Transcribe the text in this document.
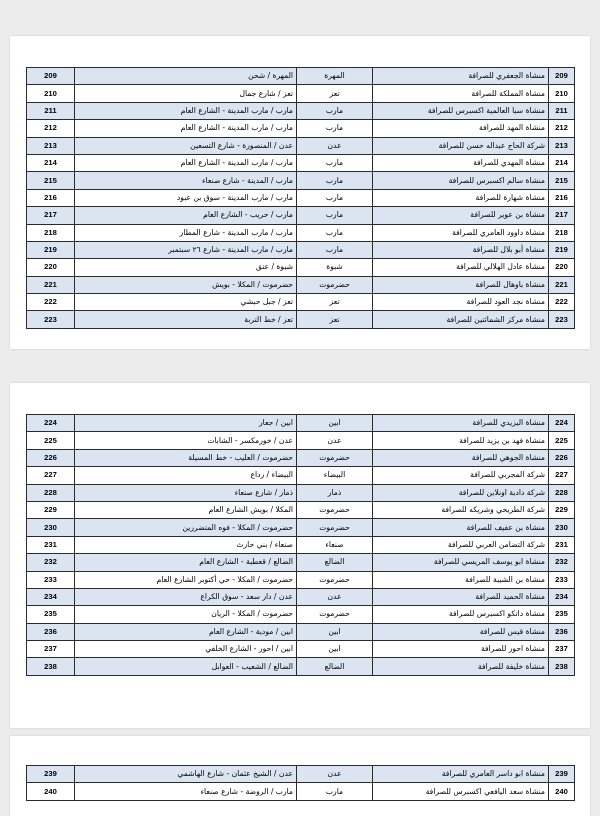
209	المهرة / شحن	المهرة	منشاة الجعفري للصرافة	209
210	تعز / شارع جمال	تعز	منشاة المملكة للصرافة	210
211	مارب / مارب المدينة - الشارع العام	مارب	منشاة سبا العالمية اكسبرس للصرافة	211
212	مارب / مارب المدينة - الشارع العام	مارب	منشاة المهد للصرافة	212
213	عدن / المنصورة - شارع التسعين	عدن	شركة الحاج عبداله حسن للصرافة	213
214	مارب / مارب المدينة - الشارع العام	مارب	منشاة المهدي للصرافة	214
215	مارب / المدينة - شارع صنعاء	مارب	منشاة سالم اكسبرس للصرافة	215
216	مارب / مارب المدينة - سوق بن عبود	مارب	منشاة شهارة للصرافة	216
217	مارب / حريب - الشارع العام	مارب	منشاة بن عوير للصرافة	217
218	مارب / مارب المدينة - شارع المطار	مارب	منشاة داوود العامري للصرافة	218
219	مارب / مارب المدينة - شارع ٢٦ سبتمبر	مارب	منشاة أبو بلال للصرافة	219
220	شبوة / عتق	شبوة	منشاة عادل الهلالي للصرافة	220
221	حضرموت / المكلا - بويش	حضرموت	منشاة باوهال للصرافة	221
222	تعز / جبل حبشي	تعز	منشاة نجد العود للصرافة	222
223	تعز / خط التربة	تعز	منشاة مركز الشمائتين للصرافة	223
224	ابين / جعار	ابين	منشاة اليزيدي للصرافة	224
225	عدن / خورمكسر - الشابات	عدن	منشاة فهد بن يزيد للصرافة	225
226	حضرموت / العليب - خط المسيلة	حضرموت	منشاة الجوهي للصرافة	226
227	البيضاء / رداع	البيضاء	شركة المجربي للصرافة	227
228	ذمار / شارع صنعاء	ذمار	شركة دادية اونلاين للصرافة	228
229	المكلا / بويش الشارع العام	حضرموت	شركة الطريحي وشريكه للصرافة	229
230	حضرموت / المكلا - فوه المتضررين	حضرموت	منشاة بن عفيف للصرافة	230
231	صنعاء / بني حارث	صنعاء	شركة التضامن العربي للصرافة	231
232	الضالع / قعطبة - الشارع العام	الضالع	منشاة ابو يوسف المريسي للصرافة	232
233	حضرموت / المكلا - حي أكتوبر الشارع العام	حضرموت	منشاة بن الشيبة للصرافة	233
234	عدن / دار سعد - سوق الكراع	عدن	منشاة الحميد للصرافة	234
235	حضرموت / المكلا - الريان	حضرموت	منشاة داتكو اكسبرس للصرافة	235
236	ابين / مودية - الشارع العام	ابين	منشاة قيس للصرافة	236
237	ابين / احور - الشارع الخلفي	ابين	منشاة احور للصرافة	237
238	الضالع / الشعيب - العوابل	الضالع	منشاة خليفة للصرافة	238
239	عدن / الشيخ عثمان - شارع الهاشمي	عدن	منشاة ابو داسر العامري للصرافة	239
240	مارب / الروضة - شارع صنعاء	مارب	منشاة سعد اليافعي اكسبرس للصرافة	240
